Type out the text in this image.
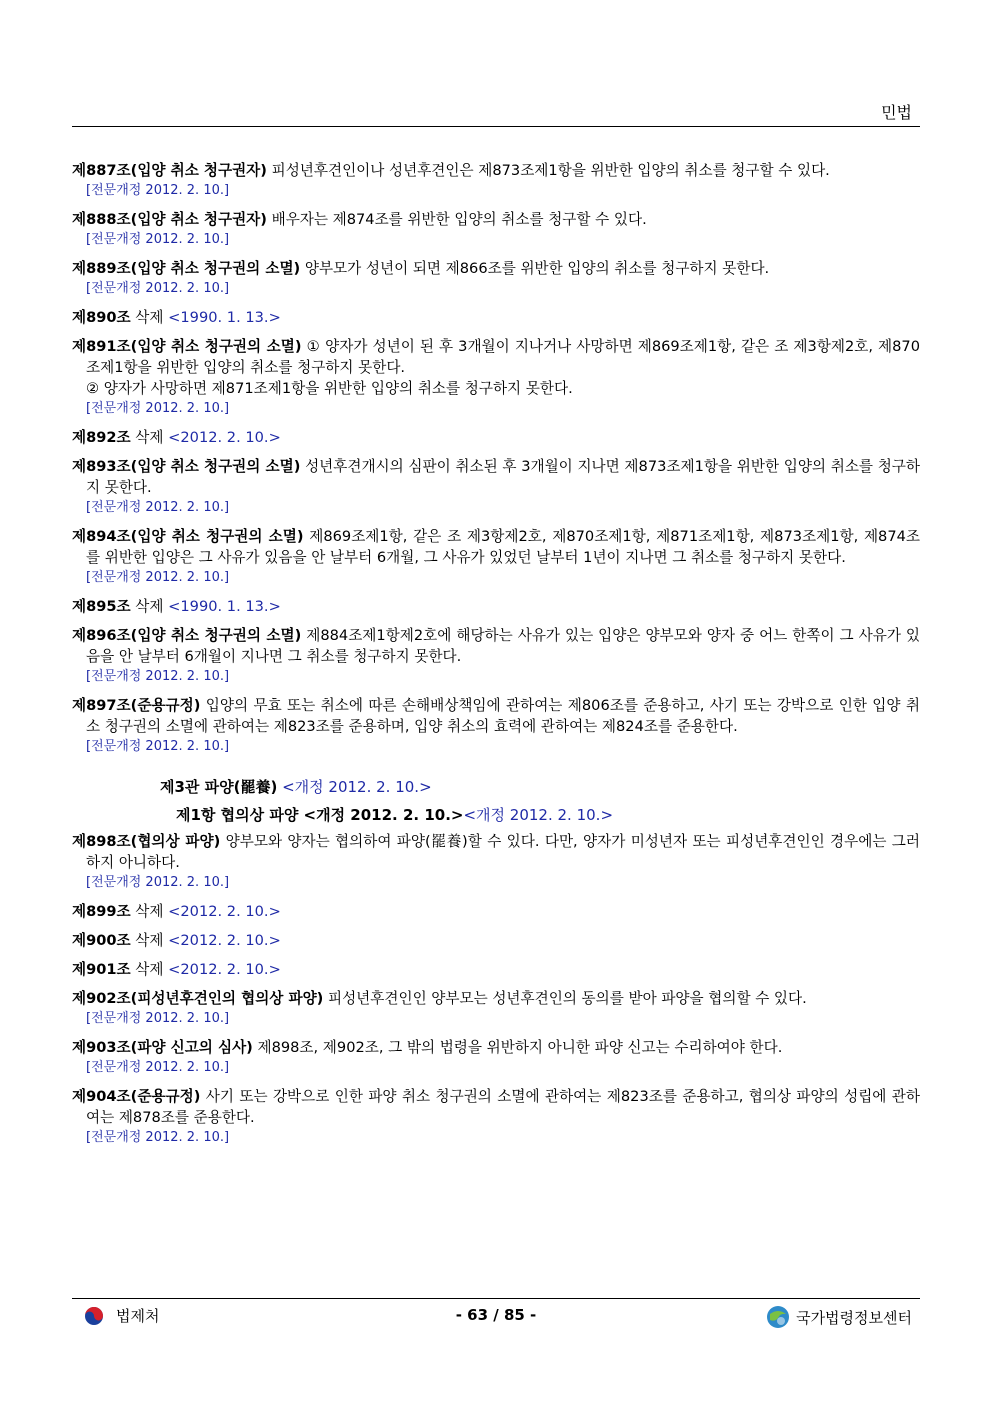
민법

제887조(입양 취소 청구권자) 피성년후견인이나 성년후견인은 제873조제1항을 위반한 입양의 취소를 청구할 수 있다.

[전문개정 2012. 2. 10.]

제888조(입양 취소 청구권자) 배우자는 제874조를 위반한 입양의 취소를 청구할 수 있다.

[전문개정 2012. 2. 10.]

제889조(입양 취소 청구권의 소멸) 양부모가 성년이 되면 제866조를 위반한 입양의 취소를 청구하지 못한다.

[전문개정 2012. 2. 10.]

제890조 삭제 <1990. 1. 13.>

제891조(입양 취소 청구권의 소멸) ① 양자가 성년이 된 후 3개월이 지나거나 사망하면 제869조제1항, 같은 조 제3항제2호, 제870조제1항을 위반한 입양의 취소를 청구하지 못한다.

② 양자가 사망하면 제871조제1항을 위반한 입양의 취소를 청구하지 못한다.

[전문개정 2012. 2. 10.]

제892조 삭제 <2012. 2. 10.>

제893조(입양 취소 청구권의 소멸) 성년후견개시의 심판이 취소된 후 3개월이 지나면 제873조제1항을 위반한 입양의 취소를 청구하지 못한다.

[전문개정 2012. 2. 10.]

제894조(입양 취소 청구권의 소멸) 제869조제1항, 같은 조 제3항제2호, 제870조제1항, 제871조제1항, 제873조제1항, 제874조를 위반한 입양은 그 사유가 있음을 안 날부터 6개월, 그 사유가 있었던 날부터 1년이 지나면 그 취소를 청구하지 못한다.

[전문개정 2012. 2. 10.]

제895조 삭제 <1990. 1. 13.>

제896조(입양 취소 청구권의 소멸) 제884조제1항제2호에 해당하는 사유가 있는 입양은 양부모와 양자 중 어느 한쪽이 그 사유가 있음을 안 날부터 6개월이 지나면 그 취소를 청구하지 못한다.

[전문개정 2012. 2. 10.]

제897조(준용규정) 입양의 무효 또는 취소에 따른 손해배상책임에 관하여는 제806조를 준용하고, 사기 또는 강박으로 인한 입양 취소 청구권의 소멸에 관하여는 제823조를 준용하며, 입양 취소의 효력에 관하여는 제824조를 준용한다.

[전문개정 2012. 2. 10.]
제3관 파양(罷養) <개정 2012. 2. 10.>
제1항 협의상 파양 <개정 2012. 2. 10.><개정 2012. 2. 10.>

제898조(협의상 파양) 양부모와 양자는 협의하여 파양(罷養)할 수 있다. 다만, 양자가 미성년자 또는 피성년후견인인 경우에는 그러하지 아니하다.

[전문개정 2012. 2. 10.]

제899조 삭제 <2012. 2. 10.>

제900조 삭제 <2012. 2. 10.>

제901조 삭제 <2012. 2. 10.>

제902조(피성년후견인의 협의상 파양) 피성년후견인인 양부모는 성년후견인의 동의를 받아 파양을 협의할 수 있다.

[전문개정 2012. 2. 10.]

제903조(파양 신고의 심사) 제898조, 제902조, 그 밖의 법령을 위반하지 아니한 파양 신고는 수리하여야 한다.

[전문개정 2012. 2. 10.]

제904조(준용규정) 사기 또는 강박으로 인한 파양 취소 청구권의 소멸에 관하여는 제823조를 준용하고, 협의상 파양의 성립에 관하여는 제878조를 준용한다.

[전문개정 2012. 2. 10.]
법제처	- 63 / 85 -	국가법령정보센터
